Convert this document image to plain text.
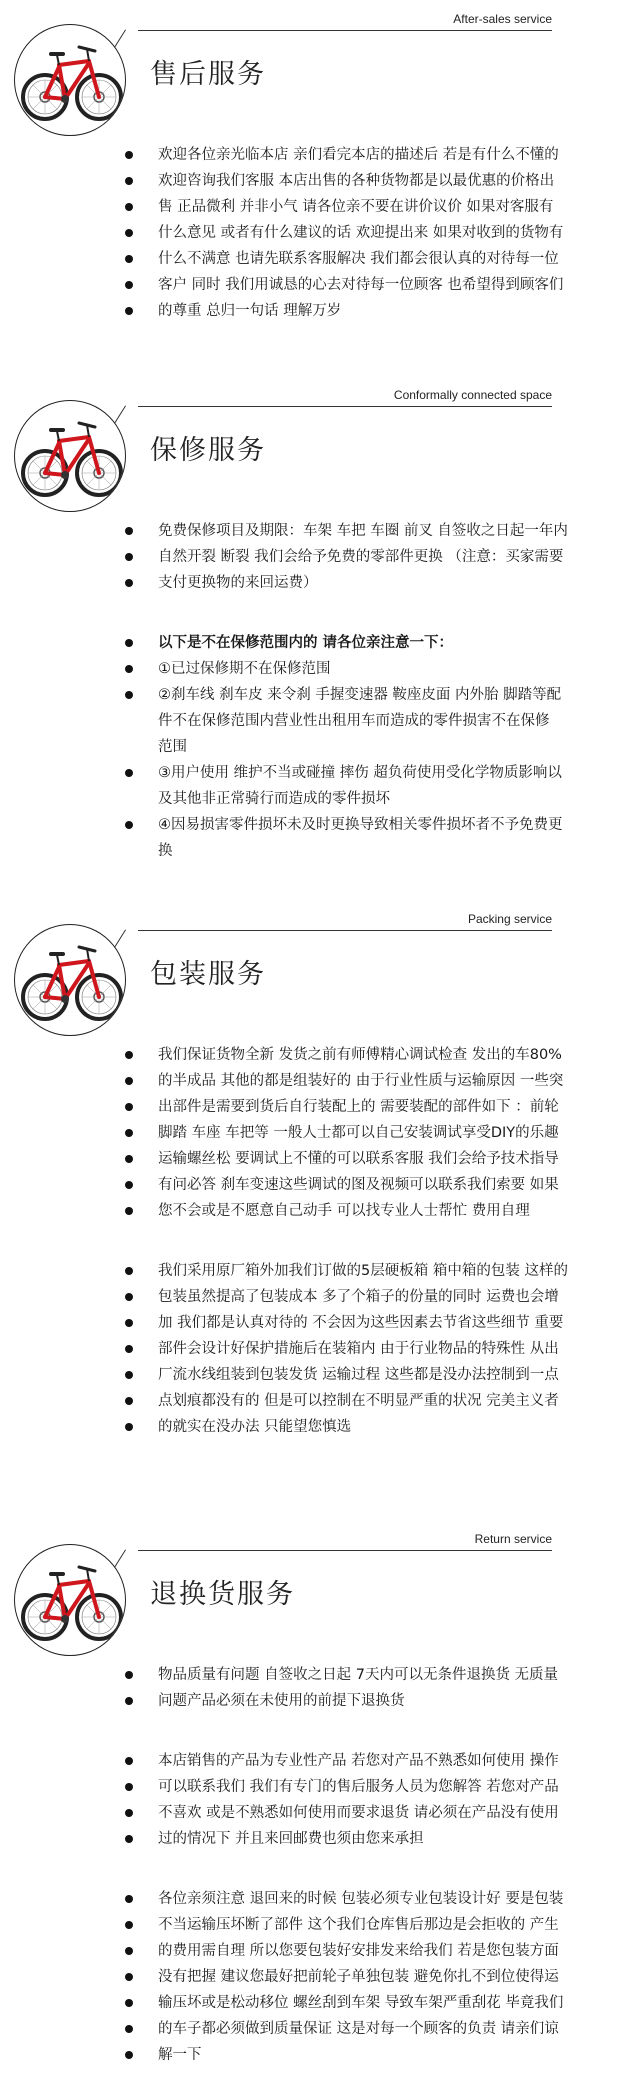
After-sales service
售后服务
欢迎各位亲光临本店 亲们看完本店的描述后 若是有什么不懂的
欢迎咨询我们客服 本店出售的各种货物都是以最优惠的价格出
售 正品微利 并非小气 请各位亲不要在讲价议价 如果对客服有
什么意见 或者有什么建议的话 欢迎提出来 如果对收到的货物有
什么不满意 也请先联系客服解决 我们都会很认真的对待每一位
客户 同时 我们用诚恳的心去对待每一位顾客 也希望得到顾客们
的尊重 总归一句话 理解万岁
Conformally connected space
保修服务
免费保修项目及期限：车架 车把 车圈 前叉 自签收之日起一年内
自然开裂 断裂 我们会给予免费的零部件更换 （注意：买家需要
支付更换物的来回运费）
以下是不在保修范围内的 请各位亲注意一下：
①已过保修期不在保修范围
②刹车线 刹车皮 来令刹 手握变速器 鞍座皮面 内外胎 脚踏等配
件不在保修范围内营业性出租用车而造成的零件损害不在保修
范围
③用户使用 维护不当或碰撞 摔伤 超负荷使用受化学物质影响以
及其他非正常骑行而造成的零件损坏
④因易损害零件损坏未及时更换导致相关零件损坏者不予免费更
换
Packing service
包装服务
我们保证货物全新 发货之前有师傅精心调试检查 发出的车80%
的半成品 其他的都是组装好的 由于行业性质与运输原因 一些突
出部件是需要到货后自行装配上的 需要装配的部件如下 ：前轮
脚踏 车座 车把等 一般人士都可以自己安装调试享受DIY的乐趣
运输螺丝松 要调试上不懂的可以联系客服 我们会给予技术指导
有问必答 刹车变速这些调试的图及视频可以联系我们索要 如果
您不会或是不愿意自己动手 可以找专业人士帮忙 费用自理
我们采用原厂箱外加我们订做的5层硬板箱 箱中箱的包装 这样的
包装虽然提高了包装成本 多了个箱子的份量的同时 运费也会增
加 我们都是认真对待的 不会因为这些因素去节省这些细节 重要
部件会设计好保护措施后在装箱内 由于行业物品的特殊性 从出
厂流水线组装到包装发货 运输过程 这些都是没办法控制到一点
点划痕都没有的 但是可以控制在不明显严重的状况 完美主义者
的就实在没办法 只能望您慎选
Return service
退换货服务
物品质量有问题 自签收之日起 7天内可以无条件退换货 无质量
问题产品必须在未使用的前提下退换货
本店销售的产品为专业性产品 若您对产品不熟悉如何使用 操作
可以联系我们 我们有专门的售后服务人员为您解答 若您对产品
不喜欢 或是不熟悉如何使用而要求退货 请必须在产品没有使用
过的情况下 并且来回邮费也须由您来承担
各位亲须注意 退回来的时候 包装必须专业包装设计好 要是包装
不当运输压坏断了部件 这个我们仓库售后那边是会拒收的 产生
的费用需自理 所以您要包装好安排发来给我们 若是您包装方面
没有把握 建议您最好把前轮子单独包装 避免你扎不到位使得运
输压坏或是松动移位 螺丝刮到车架 导致车架严重刮花 毕竟我们
的车子都必须做到质量保证 这是对每一个顾客的负责 请亲们谅
解一下
